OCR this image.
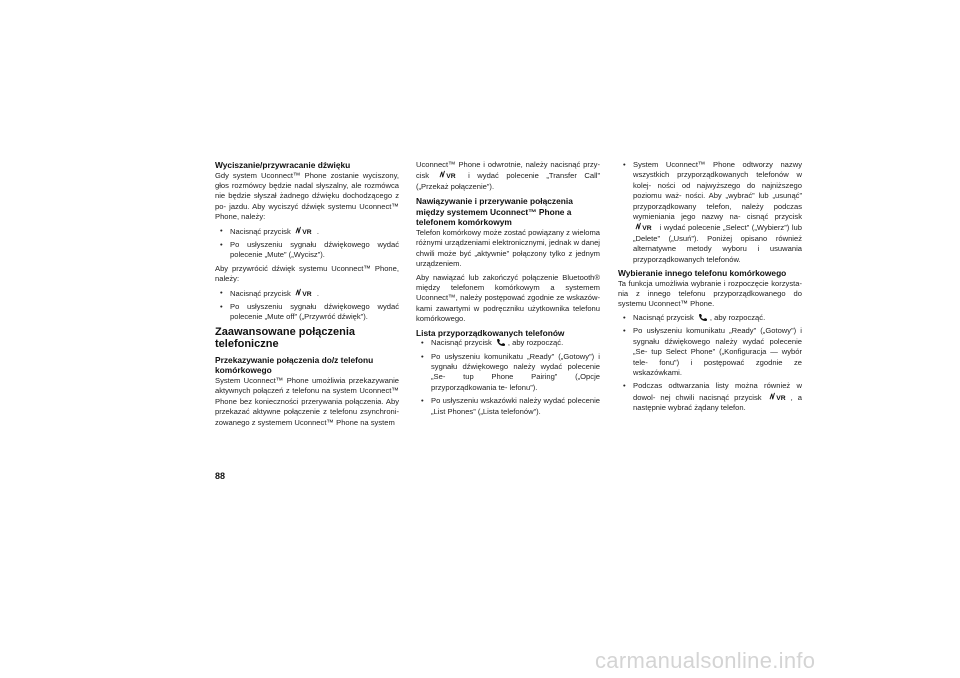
Wyciszanie/przywracanie dźwięku

Gdy system Uconnect™ Phone zostanie wyciszony, głos rozmówcy będzie nadal słyszalny, ale rozmówca nie będzie słyszał żadnego dźwięku dochodzącego z po- jazdu. Aby wyciszyć dźwięk systemu Uconnect™ Phone, należy:

• Nacisnąć przycisk VR .
• Po usłyszeniu sygnału dźwiękowego wydać polecenie „Mute” („Wycisz”).

Aby przywrócić dźwięk systemu Uconnect™ Phone, należy:

• Nacisnąć przycisk VR .
• Po usłyszeniu sygnału dźwiękowego wydać polecenie „Mute off” („Przywróć dźwięk”).
Zaawansowane połączenia telefoniczne
Przekazywanie połączenia do/z telefonu komórkowego

System Uconnect™ Phone umożliwia przekazywanie aktywnych połączeń z telefonu na system Uconnect™ Phone bez konieczności przerywania połączenia. Aby przekazać aktywne połączenie z telefonu zsynchroni- zowanego z systemem Uconnect™ Phone na system

Uconnect™ Phone i odwrotnie, należy nacisnąć przy- cisk VR i wydać polecenie „Transfer Call” („Przekaż połączenie”).

Nawiązywanie i przerywanie połączenia między systemem Uconnect™ Phone a telefonem komórkowym

Telefon komórkowy może zostać powiązany z wieloma różnymi urządzeniami elektronicznymi, jednak w danej chwili może być „aktywnie” połączony tylko z jednym urządzeniem.

Aby nawiązać lub zakończyć połączenie Bluetooth® między telefonem komórkowym a systemem Uconnect™, należy postępować zgodnie ze wskazów- kami zawartymi w podręczniku użytkownika telefonu komórkowego.

Lista przyporządkowanych telefonów
• Nacisnąć przycisk , aby rozpocząć.
• Po usłyszeniu komunikatu „Ready” („Gotowy”) i sygnału dźwiękowego należy wydać polecenie „Se- tup Phone Pairing” („Opcje przyporządkowania te- lefonu”).
• Po usłyszeniu wskazówki należy wydać polecenie „List Phones” („Lista telefonów”).
• System Uconnect™ Phone odtworzy nazwy wszystkich przyporządkowanych telefonów w kolej- ności od najwyższego do najniższego poziomu waż- ności. Aby „wybrać” lub „usunąć” przyporządkowany telefon, należy podczas wymieniania jego nazwy na- cisnąć przycisk
VR i wydać polecenie „Select” („Wybierz”) lub „Delete” („Usuń”). Poniżej opisano również alternatywne metody wyboru i usuwania przyporządkowanych telefonów.
Wybieranie innego telefonu komórkowego

Ta funkcja umożliwia wybranie i rozpoczęcie korzysta- nia z innego telefonu przyporządkowanego do systemu Uconnect™ Phone.

• Nacisnąć przycisk , aby rozpocząć.
• Po usłyszeniu komunikatu „Ready” („Gotowy”) i sygnału dźwiękowego należy wydać polecenie „Se- tup Select Phone” („Konfiguracja — wybór tele- fonu”) i postępować zgodnie ze wskazówkami.
• Podczas odtwarzania listy można również w dowol- nej chwili nacisnąć przycisk VR , a następnie wybrać żądany telefon.
88
carmanualsonline.info
